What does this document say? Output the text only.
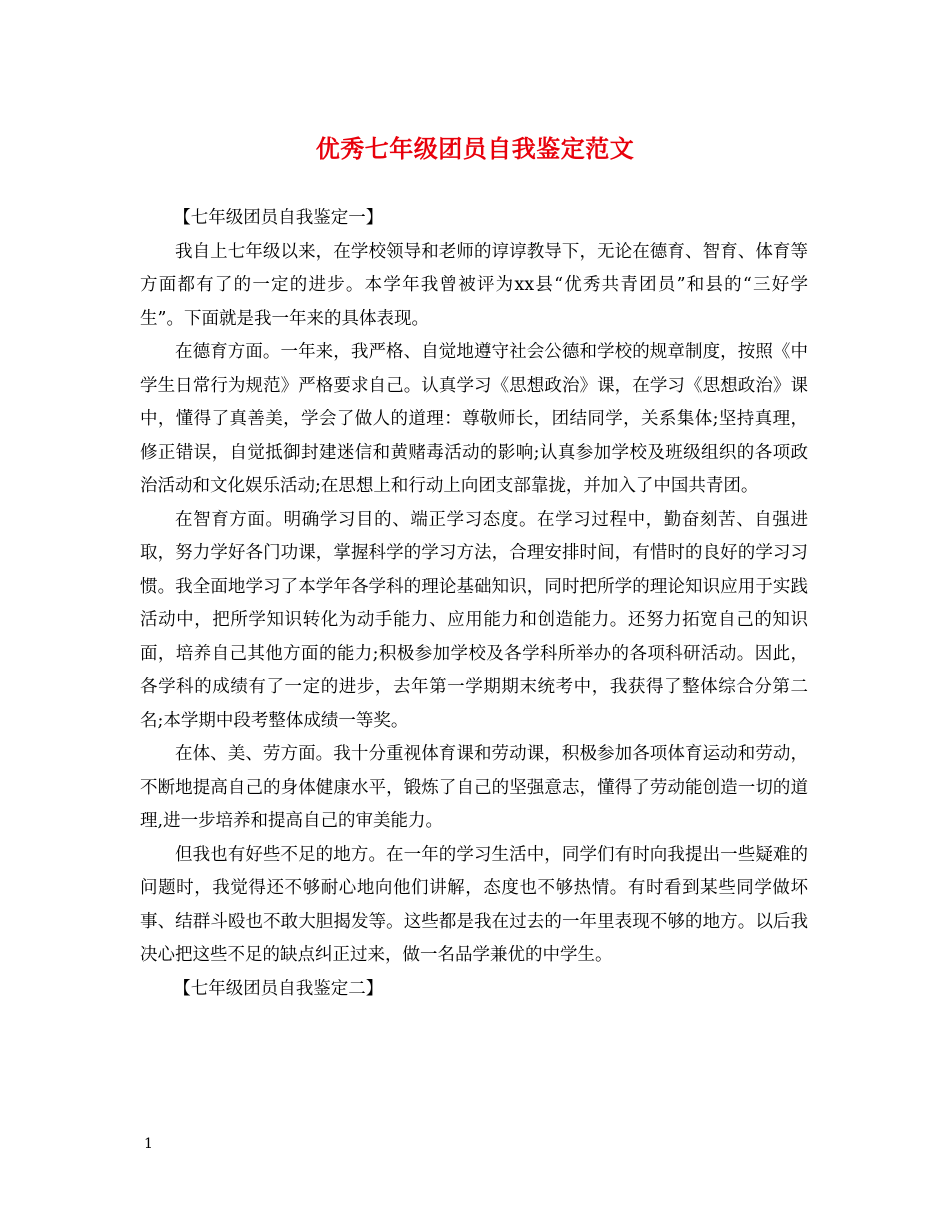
优秀七年级团员自我鉴定范文

【七年级团员自我鉴定一】

我自上七年级以来，在学校领导和老师的谆谆教导下，无论在德育、智育、体育等方面都有了的一定的进步。本学年我曾被评为xx县“优秀共青团员”和县的“三好学生”。下面就是我一年来的具体表现。

在德育方面。一年来，我严格、自觉地遵守社会公德和学校的规章制度，按照《中学生日常行为规范》严格要求自己。认真学习《思想政治》课，在学习《思想政治》课中，懂得了真善美，学会了做人的道理：尊敬师长，团结同学，关系集体;坚持真理，修正错误，自觉抵御封建迷信和黄赌毒活动的影响;认真参加学校及班级组织的各项政治活动和文化娱乐活动;在思想上和行动上向团支部靠拢，并加入了中国共青团。

在智育方面。明确学习目的、端正学习态度。在学习过程中，勤奋刻苦、自强进取，努力学好各门功课，掌握科学的学习方法，合理安排时间，有惜时的良好的学习习惯。我全面地学习了本学年各学科的理论基础知识，同时把所学的理论知识应用于实践活动中，把所学知识转化为动手能力、应用能力和创造能力。还努力拓宽自己的知识面，培养自己其他方面的能力;积极参加学校及各学科所举办的各项科研活动。因此，各学科的成绩有了一定的进步，去年第一学期期末统考中，我获得了整体综合分第二名;本学期中段考整体成绩一等奖。

在体、美、劳方面。我十分重视体育课和劳动课，积极参加各项体育运动和劳动，不断地提高自己的身体健康水平，锻炼了自己的坚强意志，懂得了劳动能创造一切的道理,进一步培养和提高自己的审美能力。

但我也有好些不足的地方。在一年的学习生活中，同学们有时向我提出一些疑难的问题时，我觉得还不够耐心地向他们讲解，态度也不够热情。有时看到某些同学做坏事、结群斗殴也不敢大胆揭发等。这些都是我在过去的一年里表现不够的地方。以后我决心把这些不足的缺点纠正过来，做一名品学兼优的中学生。

【七年级团员自我鉴定二】

1
